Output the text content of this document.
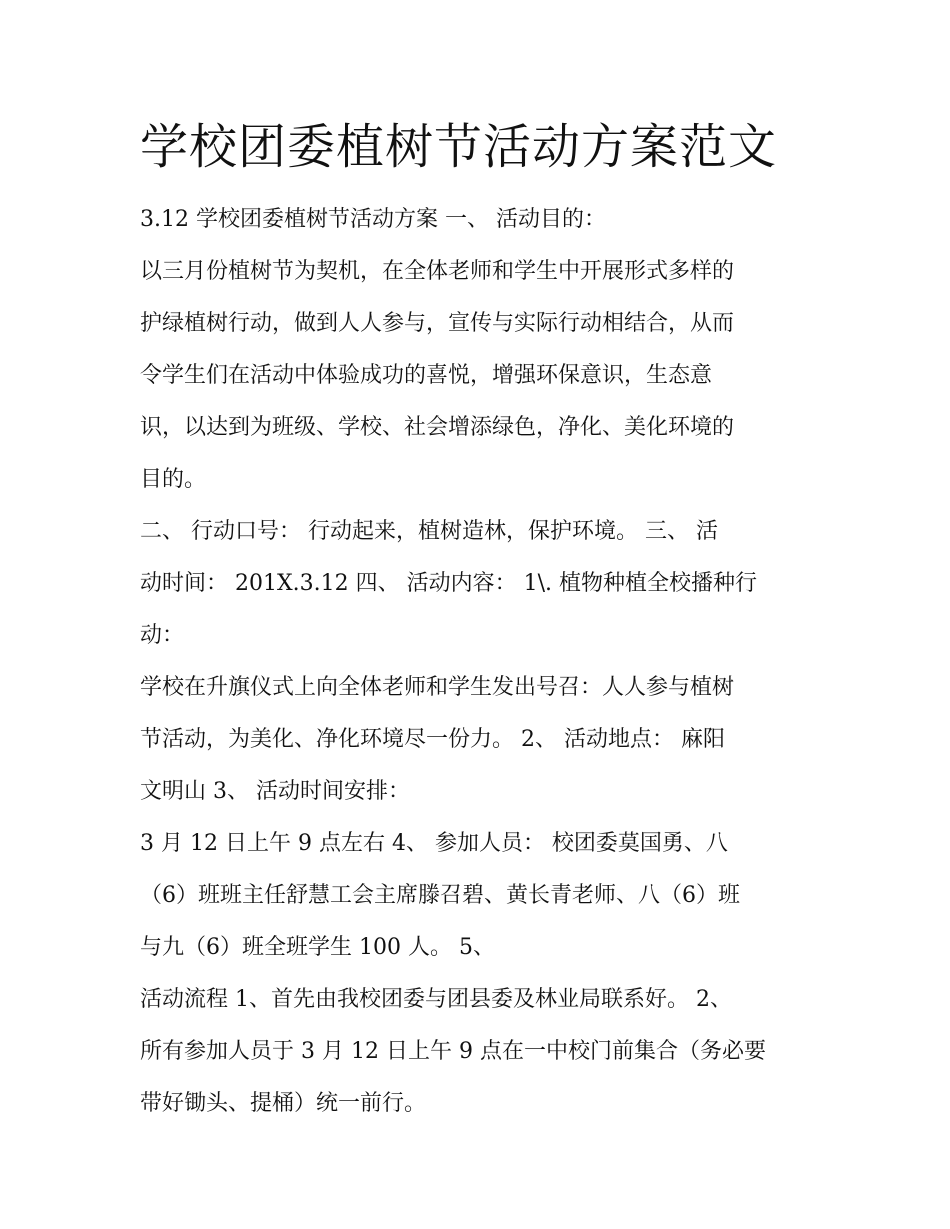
学校团委植树节活动方案范文
3.12 学校团委植树节活动方案 一、 活动目的：
以三月份植树节为契机，在全体老师和学生中开展形式多样的
护绿植树行动，做到人人参与，宣传与实际行动相结合，从而
令学生们在活动中体验成功的喜悦，增强环保意识，生态意
识，以达到为班级、学校、社会增添绿色，净化、美化环境的
目的。
二、 行动口号： 行动起来，植树造林，保护环境。 三、 活
动时间： 201X.3.12 四、 活动内容： 1\. 植物种植全校播种行
动：
学校在升旗仪式上向全体老师和学生发出号召：人人参与植树
节活动，为美化、净化环境尽一份力。 2、 活动地点： 麻阳
文明山 3、 活动时间安排：
3 月 12 日上午 9 点左右 4、 参加人员： 校团委莫国勇、八
（6）班班主任舒慧工会主席滕召碧、黄长青老师、八（6）班
与九（6）班全班学生 100 人。 5、
活动流程 1、首先由我校团委与团县委及林业局联系好。 2、
所有参加人员于 3 月 12 日上午 9 点在一中校门前集合（务必要
带好锄头、提桶）统一前行。
